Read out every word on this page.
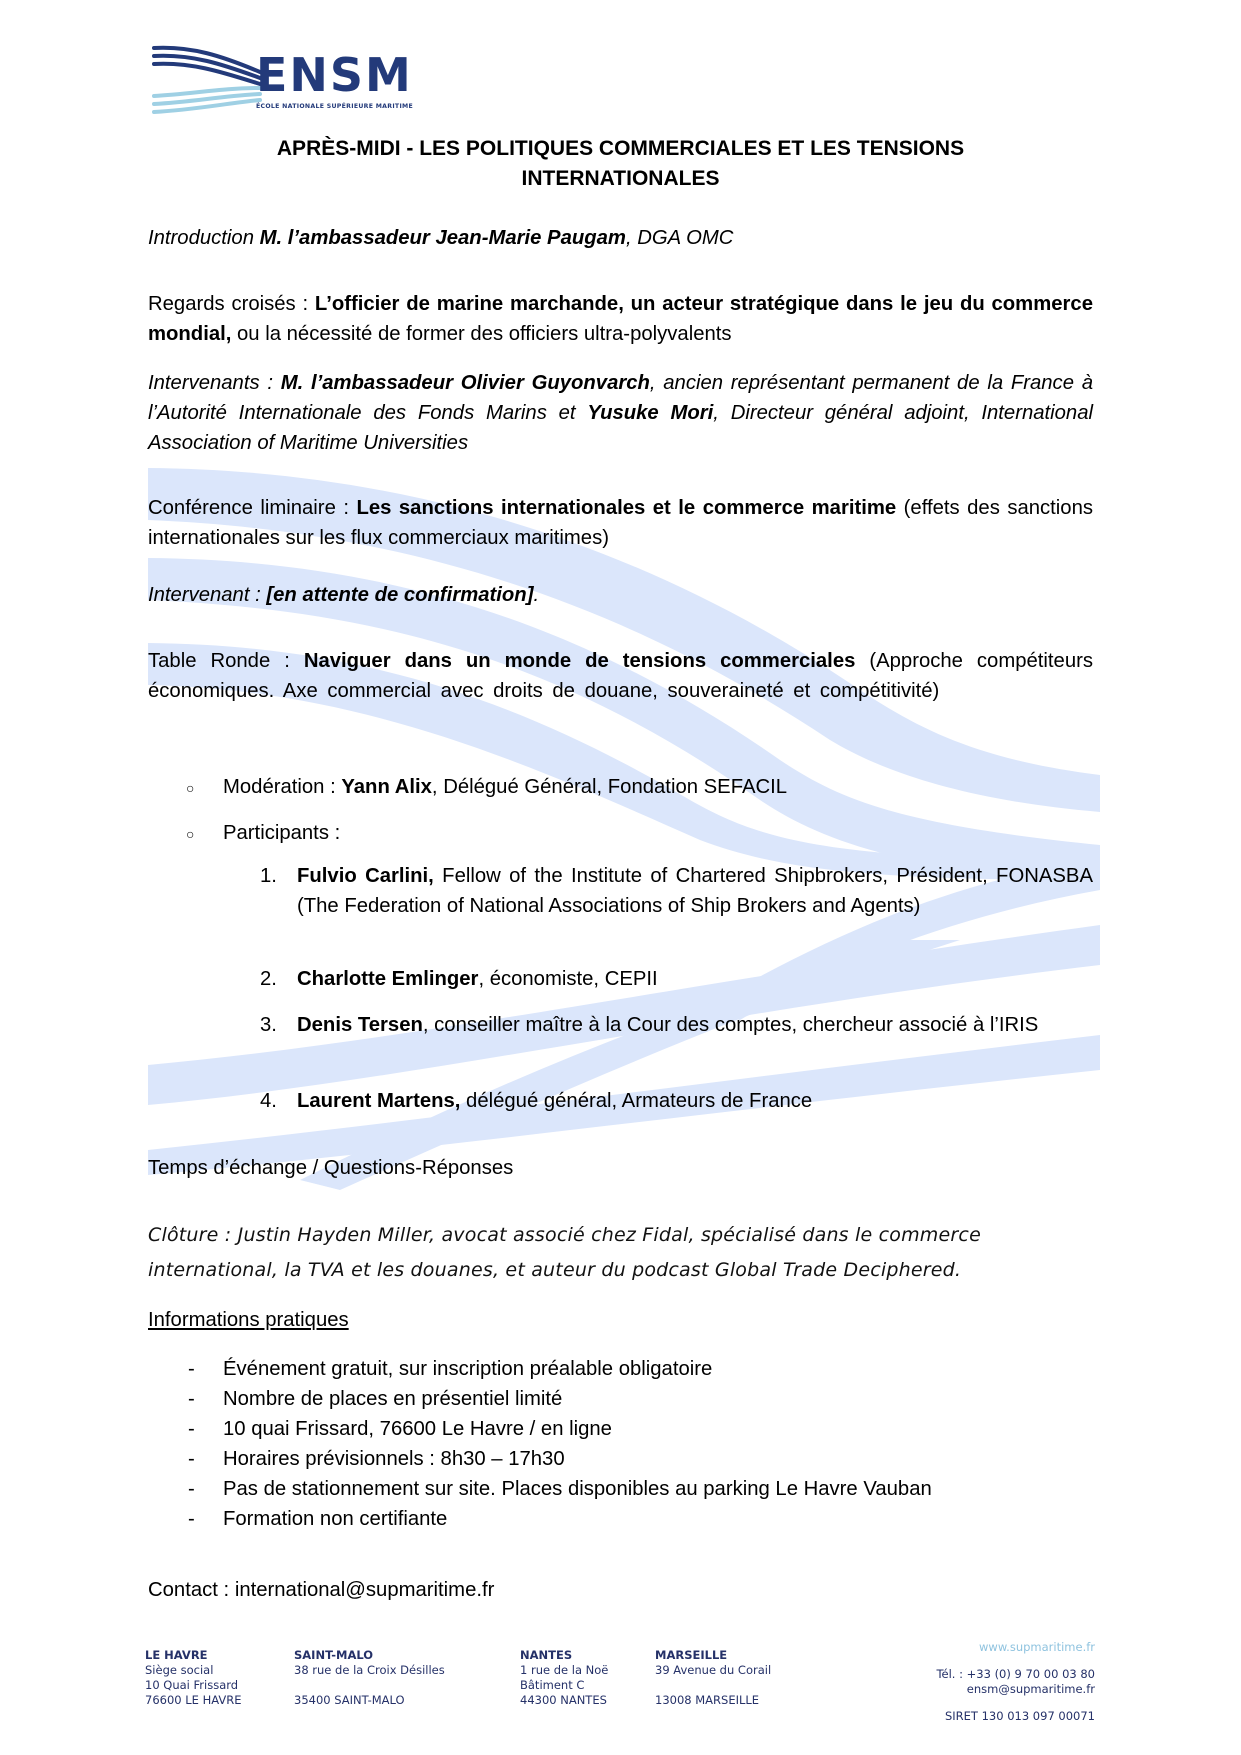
ENSM
ÉCOLE NATIONALE SUPÉRIEURE MARITIME
APRÈS-MIDI - LES POLITIQUES COMMERCIALES ET LES TENSIONS
INTERNATIONALES
Introduction M. l’ambassadeur Jean-Marie Paugam, DGA OMC
Regards croisés : L’officier de marine marchande, un acteur stratégique dans le jeu du commerce mondial, ou la nécessité de former des officiers ultra-polyvalents
Intervenants : M. l’ambassadeur Olivier Guyonvarch, ancien représentant permanent de la France à l’Autorité Internationale des Fonds Marins et Yusuke Mori, Directeur général adjoint, International Association of Maritime Universities
Conférence liminaire : Les sanctions internationales et le commerce maritime (effets des sanctions internationales sur les flux commerciaux maritimes)
Intervenant : [en attente de confirmation].
Table Ronde : Naviguer dans un monde de tensions commerciales (Approche compétiteurs économiques. Axe commercial avec droits de douane, souveraineté et compétitivité)
○ Modération : Yann Alix, Délégué Général, Fondation SEFACIL
○ Participants :
1. Fulvio Carlini, Fellow of the Institute of Chartered Shipbrokers, Président, FONASBA (The Federation of National Associations of Ship Brokers and Agents)
2. Charlotte Emlinger, économiste, CEPII
3. Denis Tersen, conseiller maître à la Cour des comptes, chercheur associé à l’IRIS
4. Laurent Martens, délégué général, Armateurs de France
Temps d’échange / Questions-Réponses
Clôture : Justin Hayden Miller, avocat associé chez Fidal, spécialisé dans le commerce international, la TVA et les douanes, et auteur du podcast Global Trade Deciphered.
Informations pratiques
- Événement gratuit, sur inscription préalable obligatoire
- Nombre de places en présentiel limité
- 10 quai Frissard, 76600 Le Havre / en ligne
- Horaires prévisionnels : 8h30 – 17h30
- Pas de stationnement sur site. Places disponibles au parking Le Havre Vauban
- Formation non certifiante
Contact : international@supmaritime.fr
LE HAVRE
Siège social
10 Quai Frissard
76600 LE HAVRE
SAINT-MALO
38 rue de la Croix Désilles
35400 SAINT-MALO
NANTES
1 rue de la Noë
Bâtiment C
44300 NANTES
MARSEILLE
39 Avenue du Corail
13008 MARSEILLE
www.supmaritime.fr
Tél. : +33 (0) 9 70 00 03 80
ensm@supmaritime.fr
SIRET 130 013 097 00071
